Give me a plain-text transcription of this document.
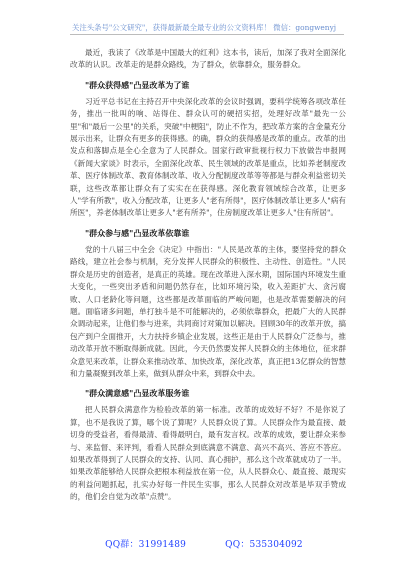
关注头条号"公文研究"，获得最新最全最专业的公文资料库！ 微信：gongwenyj

最近，我读了《改革是中国最大的红利》这本书，读后，加深了我对全面深化改革的认识。改革走的是群众路线，为了群众，依靠群众，服务群众。

"群众获得感"凸显改革为了谁

习近平总书记在主持召开中央深化改革的会议时强调，要科学统筹各项改革任务，推出一批叫的响、站得住、群众认可的硬招实招，处理好改革"最先一公里"和"最后一公里"的关系，突破"中梗阻"，防止不作为，把改革方案的含金量充分展示出来，让群众有更多的获得感。的确，群众的获得感是改革的重点。改革的出发点和落脚点是全心全意为了人民群众。国家行政审批视行权力下放做告申报网《新闻大家谈》时表示，全面深化改革、民生领域的改革是重点，比如养老制度改革、医疗体制改革、教育体制改革、收入分配制度改革等等都是与群众利益密切关联，这些改革都让群众有了实实在在获得感。深化教育领域综合改革，让更多人"学有所教"，收入分配改革，让更多人"老有所得"，医疗体制改革让更多人"病有所医"，养老体制改革让更多人"老有所养"，住房制度改革让更多人"住有所居"。

"群众参与感"凸显改革依靠谁

党的十八届三中全会《决定》中指出："人民是改革的主体，要坚持党的群众路线，建立社会参与机制，充分发挥人民群众的积极性、主动性、创造性。"人民群众是历史的创造者，是真正的英雄。现在改革进入深水期，国际国内环境发生重大变化，一些突出矛盾和问题仍然存在，比如环境污染，收入差距扩大、贪污腐败、人口老龄化等问题，这些都是改革面临的严峻问题，也是改革需要解决的问题。面临诸多问题，单打独斗是不可能解决的，必须依靠群众，把最广大的人民群众调动起来，让他们参与进来，共同商讨对策加以解决。回顾30年的改革开放，搞包产到户全面推开，大力扶持乡镇企业发展，这些正是由于人民群众广泛参与，推动改革开放不断取得新成就。因此，今天仍然要发挥人民群众的主体地位，征求群众意见来改革，让群众来推动改革、加快改革，深化改革，真正把13亿群众的智慧和力量凝聚到改革上来，做到从群众中来，到群众中去。

"群众满意感"凸显改革服务谁

把人民群众满意作为检验改革的第一标准。改革的成效好不好？不是你说了算，也不是我说了算，哪个说了算呢？人民群众说了算。人民群众作为最直接、最切身的受益者，看得最清、看得最明白，最有发言权。改革的成效，要让群众来参与、来监督、来评判，看看人民群众到底满意不满意、高兴不高兴、答应不答应。如果改革得到了人民群众的支持、认同、真心拥护，那么这个改革就成功了一半。如果改革能够给人民群众把根本利益放在第一位，从人民群众心、最直接、最现实的利益问题抓起，扎实办好每一件民生实事，那么人民群众对改革是毕双手赞成的，他们会自觉为改革"点赞"。

QQ群：31991489	QQ：535304092
